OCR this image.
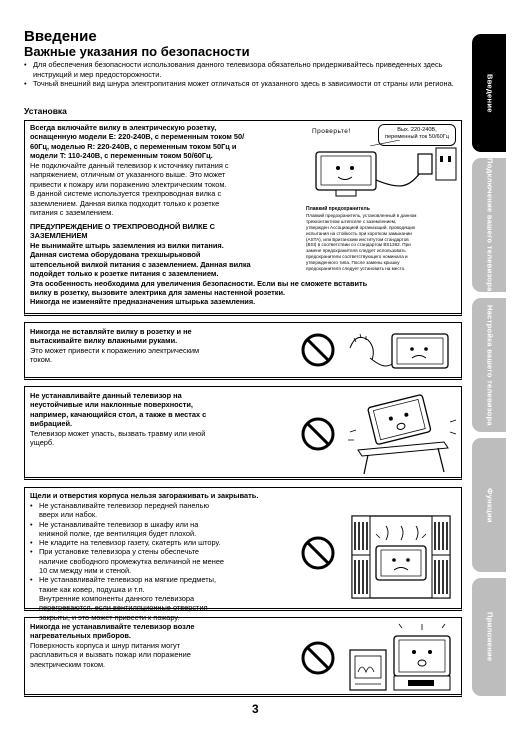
Введение
Важные указания по безопасности
• Для обеспечения безопасности использования данного телевизора обязательно придерживайтесь приведенных здесь инструкций и мер предосторожности.
• Точный внешний вид шнура электропитания может отличаться от указанного здесь в зависимости от страны или региона.
Установка
Всегда включайте вилку в электрическую розетку,
оснащенную модели E: 220-240В, с переменным током 50/
60Гц, моделью R: 220-240В, с переменным током 50Гц и
модели T: 110-240В, с переменным током 50/60Гц.
Не подключайте данный телевизор к источнику питания с
напряжением, отличным от указанного выше. Это может
привести к пожару или поражению электрическим током.
В данной системе используется трехпроводная вилка с
заземлением. Данная вилка подходит только к розетке
питания с заземлением.
ПРЕДУПРЕЖДЕНИЕ О ТРЕХПРОВОДНОЙ ВИЛКЕ С
ЗАЗЕМЛЕНИЕМ
Не вынимайте штырь заземления из вилки питания.
Данная система оборудована трехшырьковой
штепсельной вилкой питания с заземлением. Данная вилка
подойдет только к розетке питания с заземлением.
Эта особенность необходима для увеличения безопасности. Если вы не сможете вставить
вилку в розетку, вызовите электрика для замены настенной розетки.
Никогда не изменяйте предназначения штырька заземления.
Проверьте!	Вых. 220-240В,
переменный ток 50/60Гц
Плавкий предохранитель
Плавкий предохранитель, установленный в данном
трехконтактном штепселе с заземлением,
утвержден Ассоциацией организаций, проводящих
испытания на стойкость при коротком замыкании
(ASTA), или Британским институтом стандартов
(BSI) в соответствии со стандартом BS1362. При
замене предохранителя следует использовать
предохранители соответствующего номинала и
утвержденного типа. После замены крышку
предохранителя следует установить на место.
Никогда не вставляйте вилку в розетку и не
вытаскивайте вилку влажными руками.
Это может привести к поражению электрическим
током.
Не устанавливайте данный телевизор на
неустойчивые или наклонные поверхности,
например, качающийся стол, а также в местах с
вибрацией.
Телевизор может упасть, вызвать травму или иной
ущерб.
Щели и отверстия корпуса нельзя загораживать и закрывать.
• Не устанавливайте телевизор передней панелью
вверх или набок.
• Не устанавливайте телевизор в шкафу или на
книжной полке, где вентиляция будет плохой.
• Не кладите на телевизор газету, скатерть или штору.
• При установке телевизора у стены обеспечьте
наличие свободного промежутка величиной не менее
10 см между ним и стеной.
• Не устанавливайте телевизор на мягкие предметы,
такие как ковер, подушка и т.п.
Внутренние компоненты данного телевизора
перегреваются, если вентиляционные отверстия
закрыты, и это может привести к пожару.
Никогда не устанавливайте телевизор возле
нагревательных приборов.
Поверхность корпуса и шнур питания могут
расплавиться и вызвать пожар или поражение
электрическим током.
Введение
Подключение вашего телевизора
Настройка вашего телевизора
Функции
Приложение
3
